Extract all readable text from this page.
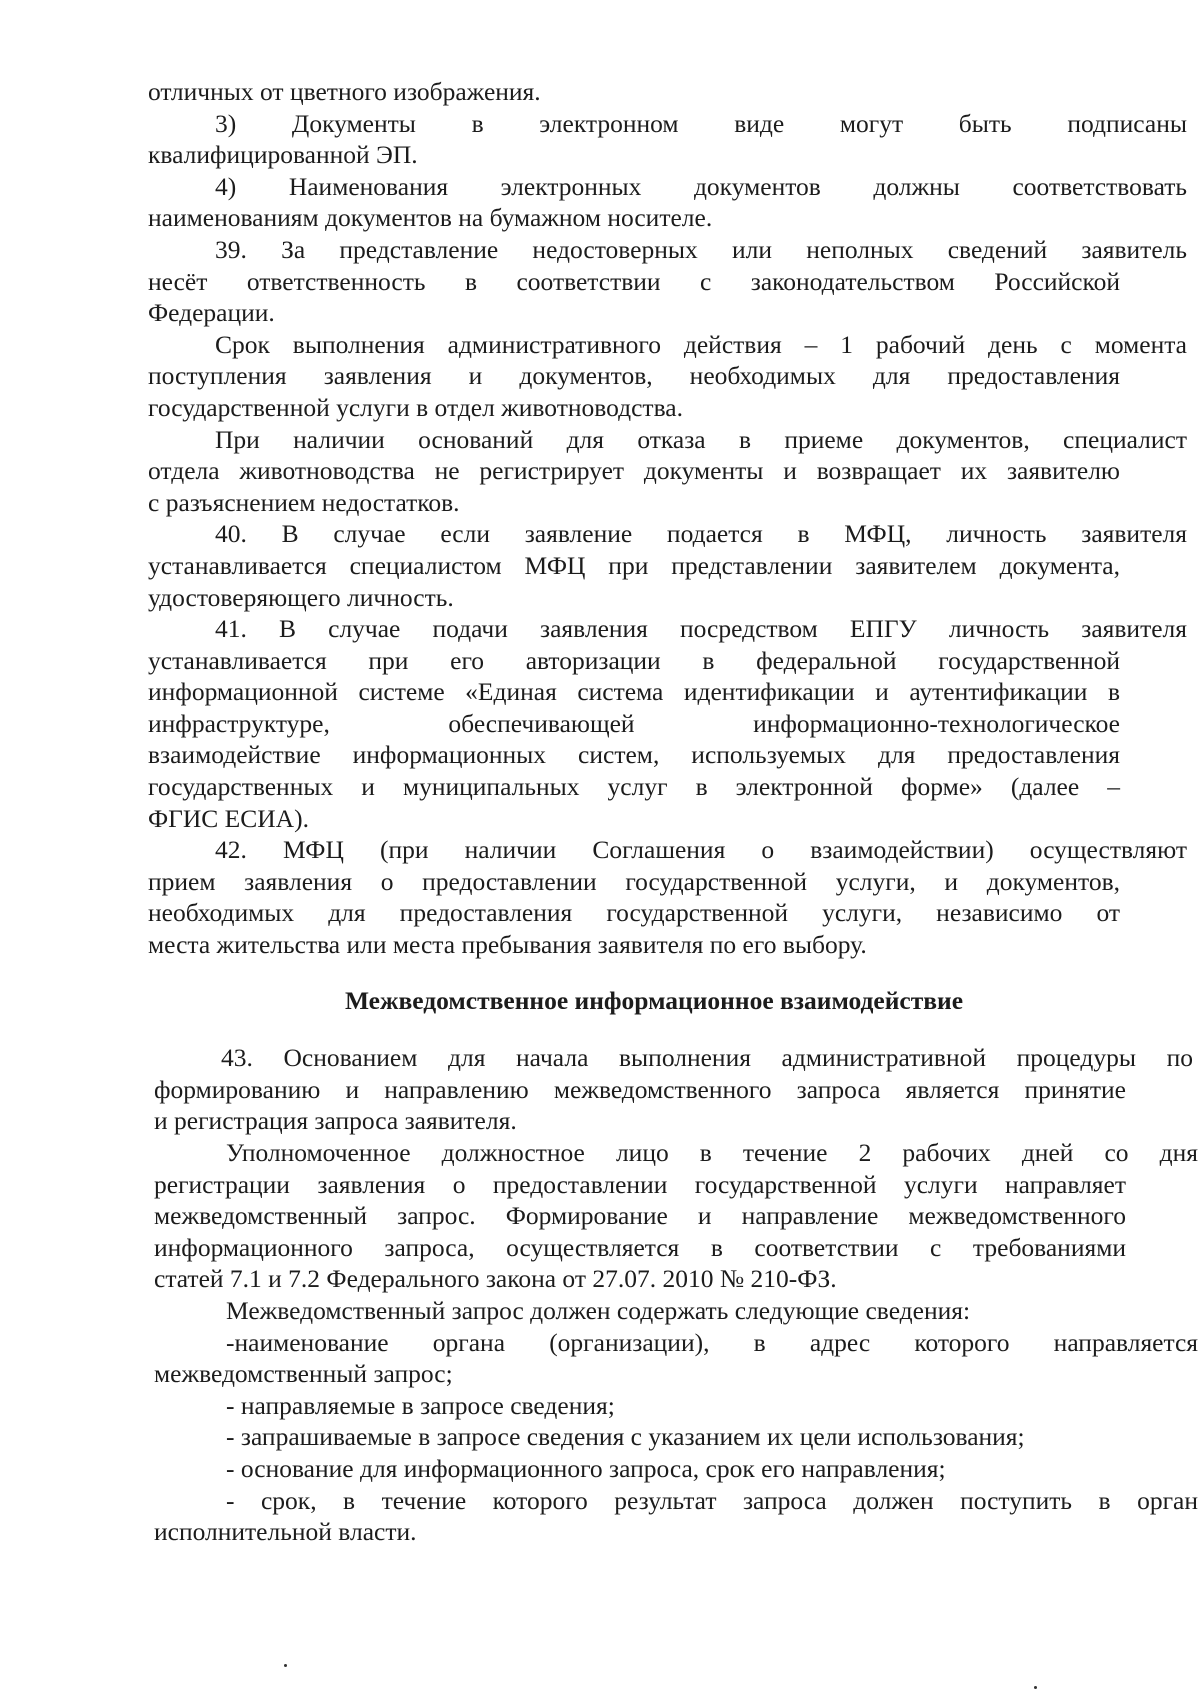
отличных от цветного изображения.
3) Документы в электронном виде могут быть подписаны
квалифицированной ЭП.
4) Наименования электронных документов должны соответствовать
наименованиям документов на бумажном носителе.
39. За представление недостоверных или неполных сведений заявитель
несёт ответственность в соответствии с законодательством Российской
Федерации.
Срок выполнения административного действия – 1 рабочий день с момента
поступления заявления и документов, необходимых для предоставления
государственной услуги в отдел животноводства.
При наличии оснований для отказа в приеме документов, специалист
отдела животноводства не регистрирует документы и возвращает их заявителю
с разъяснением недостатков.
40. В случае если заявление подается в МФЦ, личность заявителя
устанавливается специалистом МФЦ при представлении заявителем документа,
удостоверяющего личность.
41. В случае подачи заявления посредством ЕПГУ личность заявителя
устанавливается при его авторизации в федеральной государственной
информационной системе «Единая система идентификации и аутентификации в
инфраструктуре, обеспечивающей информационно-технологическое
взаимодействие информационных систем, используемых для предоставления
государственных и муниципальных услуг в электронной форме» (далее –
ФГИС ЕСИА).
42. МФЦ (при наличии Соглашения о взаимодействии) осуществляют
прием заявления о предоставлении государственной услуги, и документов,
необходимых для предоставления государственной услуги, независимо от
места жительства или места пребывания заявителя по его выбору.
Межведомственное информационное взаимодействие
43. Основанием для начала выполнения административной процедуры по
формированию и направлению межведомственного запроса является принятие
и регистрация запроса заявителя.
Уполномоченное должностное лицо в течение 2 рабочих дней со дня
регистрации заявления о предоставлении государственной услуги направляет
межведомственный запрос. Формирование и направление межведомственного
информационного запроса, осуществляется в соответствии с требованиями
статей 7.1 и 7.2 Федерального закона от 27.07. 2010 № 210-ФЗ.
Межведомственный запрос должен содержать следующие сведения:
-наименование органа (организации), в адрес которого направляется
межведомственный запрос;
- направляемые в запросе сведения;
- запрашиваемые в запросе сведения с указанием их цели использования;
- основание для информационного запроса, срок его направления;
- срок, в течение которого результат запроса должен поступить в орган
исполнительной власти.
